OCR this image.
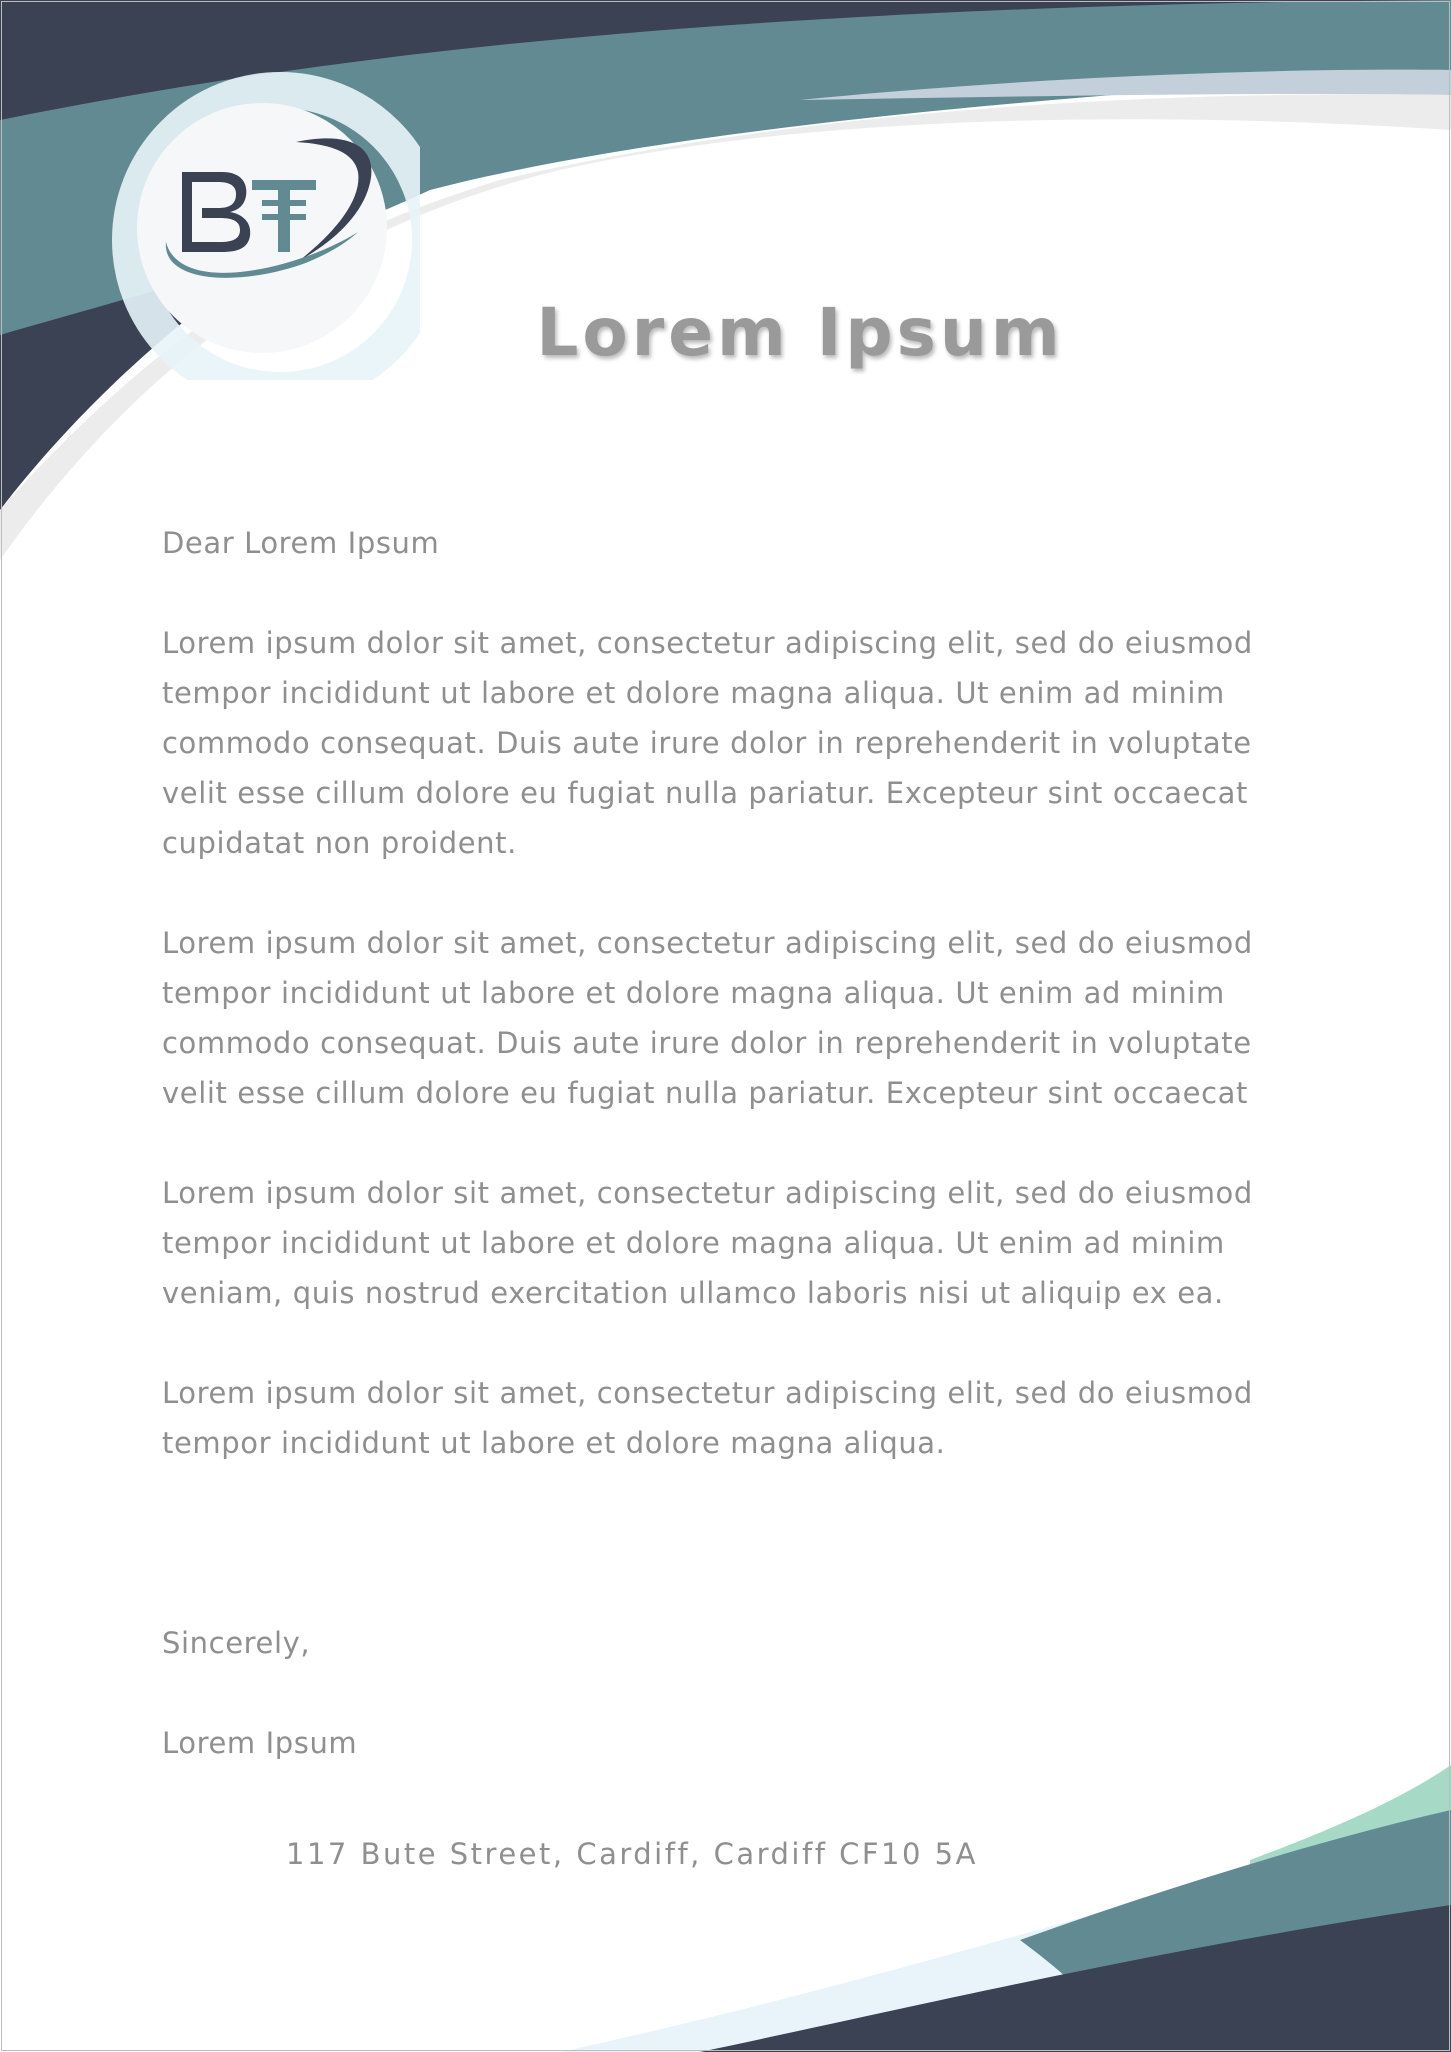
Lorem Ipsum

Dear Lorem Ipsum

Lorem ipsum dolor sit amet, consectetur adipiscing elit, sed do eiusmod tempor incididunt ut labore et dolore magna aliqua. Ut enim ad minim commodo consequat. Duis aute irure dolor in reprehenderit in voluptate velit esse cillum dolore eu fugiat nulla pariatur. Excepteur sint occaecat cupidatat non proident.

Lorem ipsum dolor sit amet, consectetur adipiscing elit, sed do eiusmod tempor incididunt ut labore et dolore magna aliqua. Ut enim ad minim commodo consequat. Duis aute irure dolor in reprehenderit in voluptate velit esse cillum dolore eu fugiat nulla pariatur. Excepteur sint occaecat

Lorem ipsum dolor sit amet, consectetur adipiscing elit, sed do eiusmod tempor incididunt ut labore et dolore magna aliqua. Ut enim ad minim veniam, quis nostrud exercitation ullamco laboris nisi ut aliquip ex ea.

Lorem ipsum dolor sit amet, consectetur adipiscing elit, sed do eiusmod tempor incididunt ut labore et dolore magna aliqua.

Sincerely,

Lorem Ipsum

117 Bute Street, Cardiff, Cardiff CF10 5A
